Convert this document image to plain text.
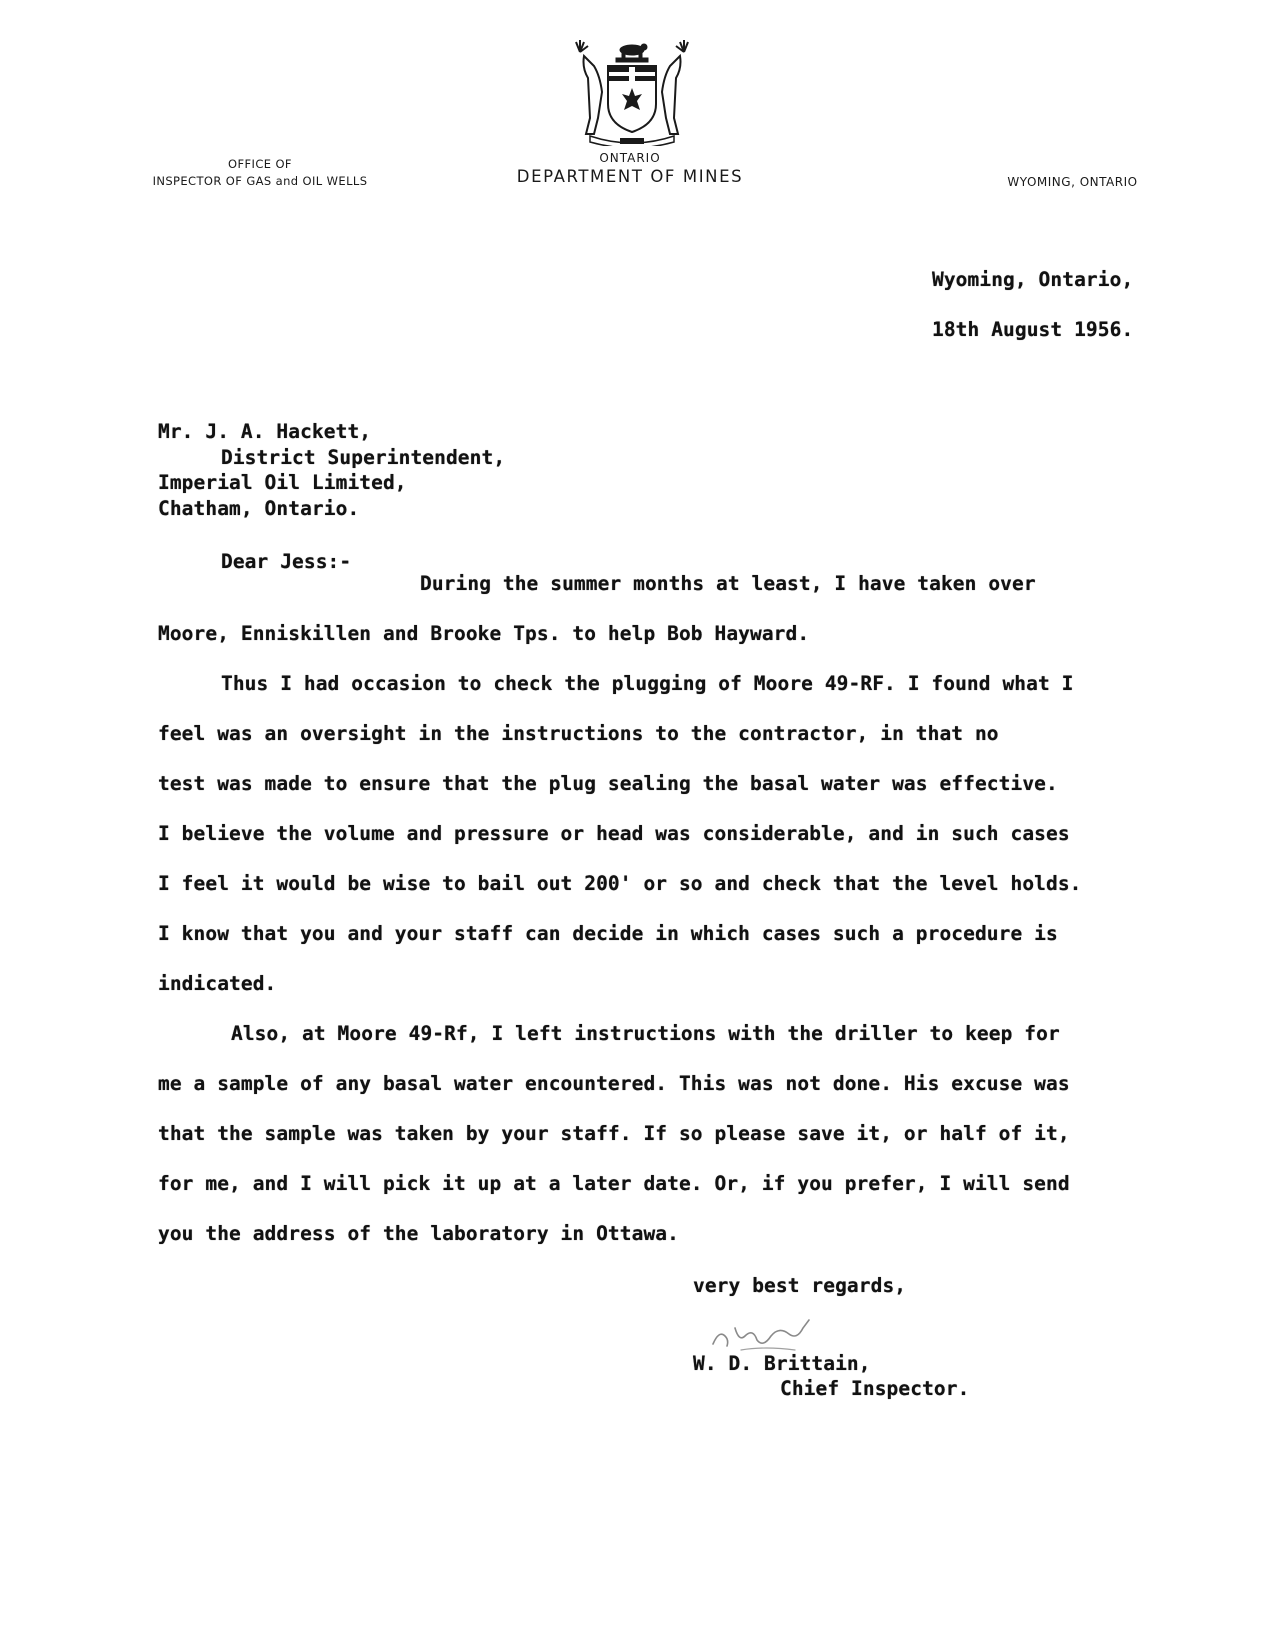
OFFICE OF
INSPECTOR OF GAS and OIL WELLS
ONTARIO
DEPARTMENT OF MINES	WYOMING, ONTARIO
Wyoming, Ontario,
18th August 1956.
Mr. J. A. Hackett,
District Superintendent,
Imperial Oil Limited,
Chatham, Ontario.
Dear Jess:-
During the summer months at least, I have taken over
Moore, Enniskillen and Brooke Tps. to help Bob Hayward.
Thus I had occasion to check the plugging of Moore 49-RF. I found what I
feel was an oversight in the instructions to the contractor, in that no
test was made to ensure that the plug sealing the basal water was effective.
I believe the volume and pressure or head was considerable, and in such cases
I feel it would be wise to bail out 200' or so and check that the level holds.
I know that you and your staff can decide in which cases such a procedure is
indicated.
Also, at Moore 49-Rf, I left instructions with the driller to keep for
me a sample of any basal water encountered. This was not done. His excuse was
that the sample was taken by your staff. If so please save it, or half of it,
for me, and I will pick it up at a later date. Or, if you prefer, I will send
you the address of the laboratory in Ottawa.
very best regards,
W. D. Brittain,
Chief Inspector.
